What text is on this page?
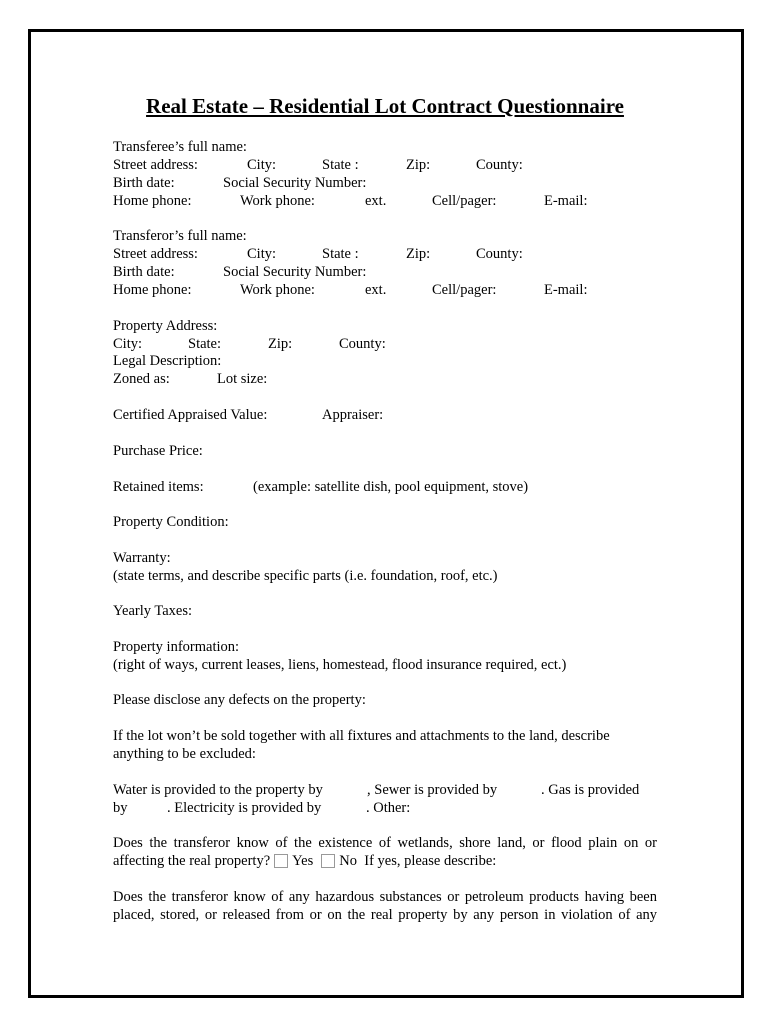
Real Estate – Residential Lot Contract Questionnaire
Transferee’s full name:
Street address:	City:	State :	Zip:	County:
Birth date:	Social Security Number:
Home phone:	Work phone:	ext.	Cell/pager:	E-mail:
Transferor’s full name:
Street address:	City:	State :	Zip:	County:
Birth date:	Social Security Number:
Home phone:	Work phone:	ext.	Cell/pager:	E-mail:
Property Address:
City:	State:	Zip:	County:
Legal Description:
Zoned as:	Lot size:
Certified Appraised Value:	Appraiser:
Purchase Price:
Retained items:	(example: satellite dish, pool equipment, stove)
Property Condition:
Warranty:
(state terms, and describe specific parts (i.e. foundation, roof, etc.)
Yearly Taxes:
Property information:
(right of ways, current leases, liens, homestead, flood insurance required, ect.)
Please disclose any defects on the property:
If the lot won’t be sold together with all fixtures and attachments to the land, describe
anything to be excluded:
Water is provided to the property by	, Sewer is provided by	. Gas is provided
by	. Electricity is provided by	. Other:
Does the transferor know of the existence of wetlands, shore land, or flood plain on or
affecting the real property? Yes No If yes, please describe:
Does the transferor know of any hazardous substances or petroleum products having been
placed, stored, or released from or on the real property by any person in violation of any
